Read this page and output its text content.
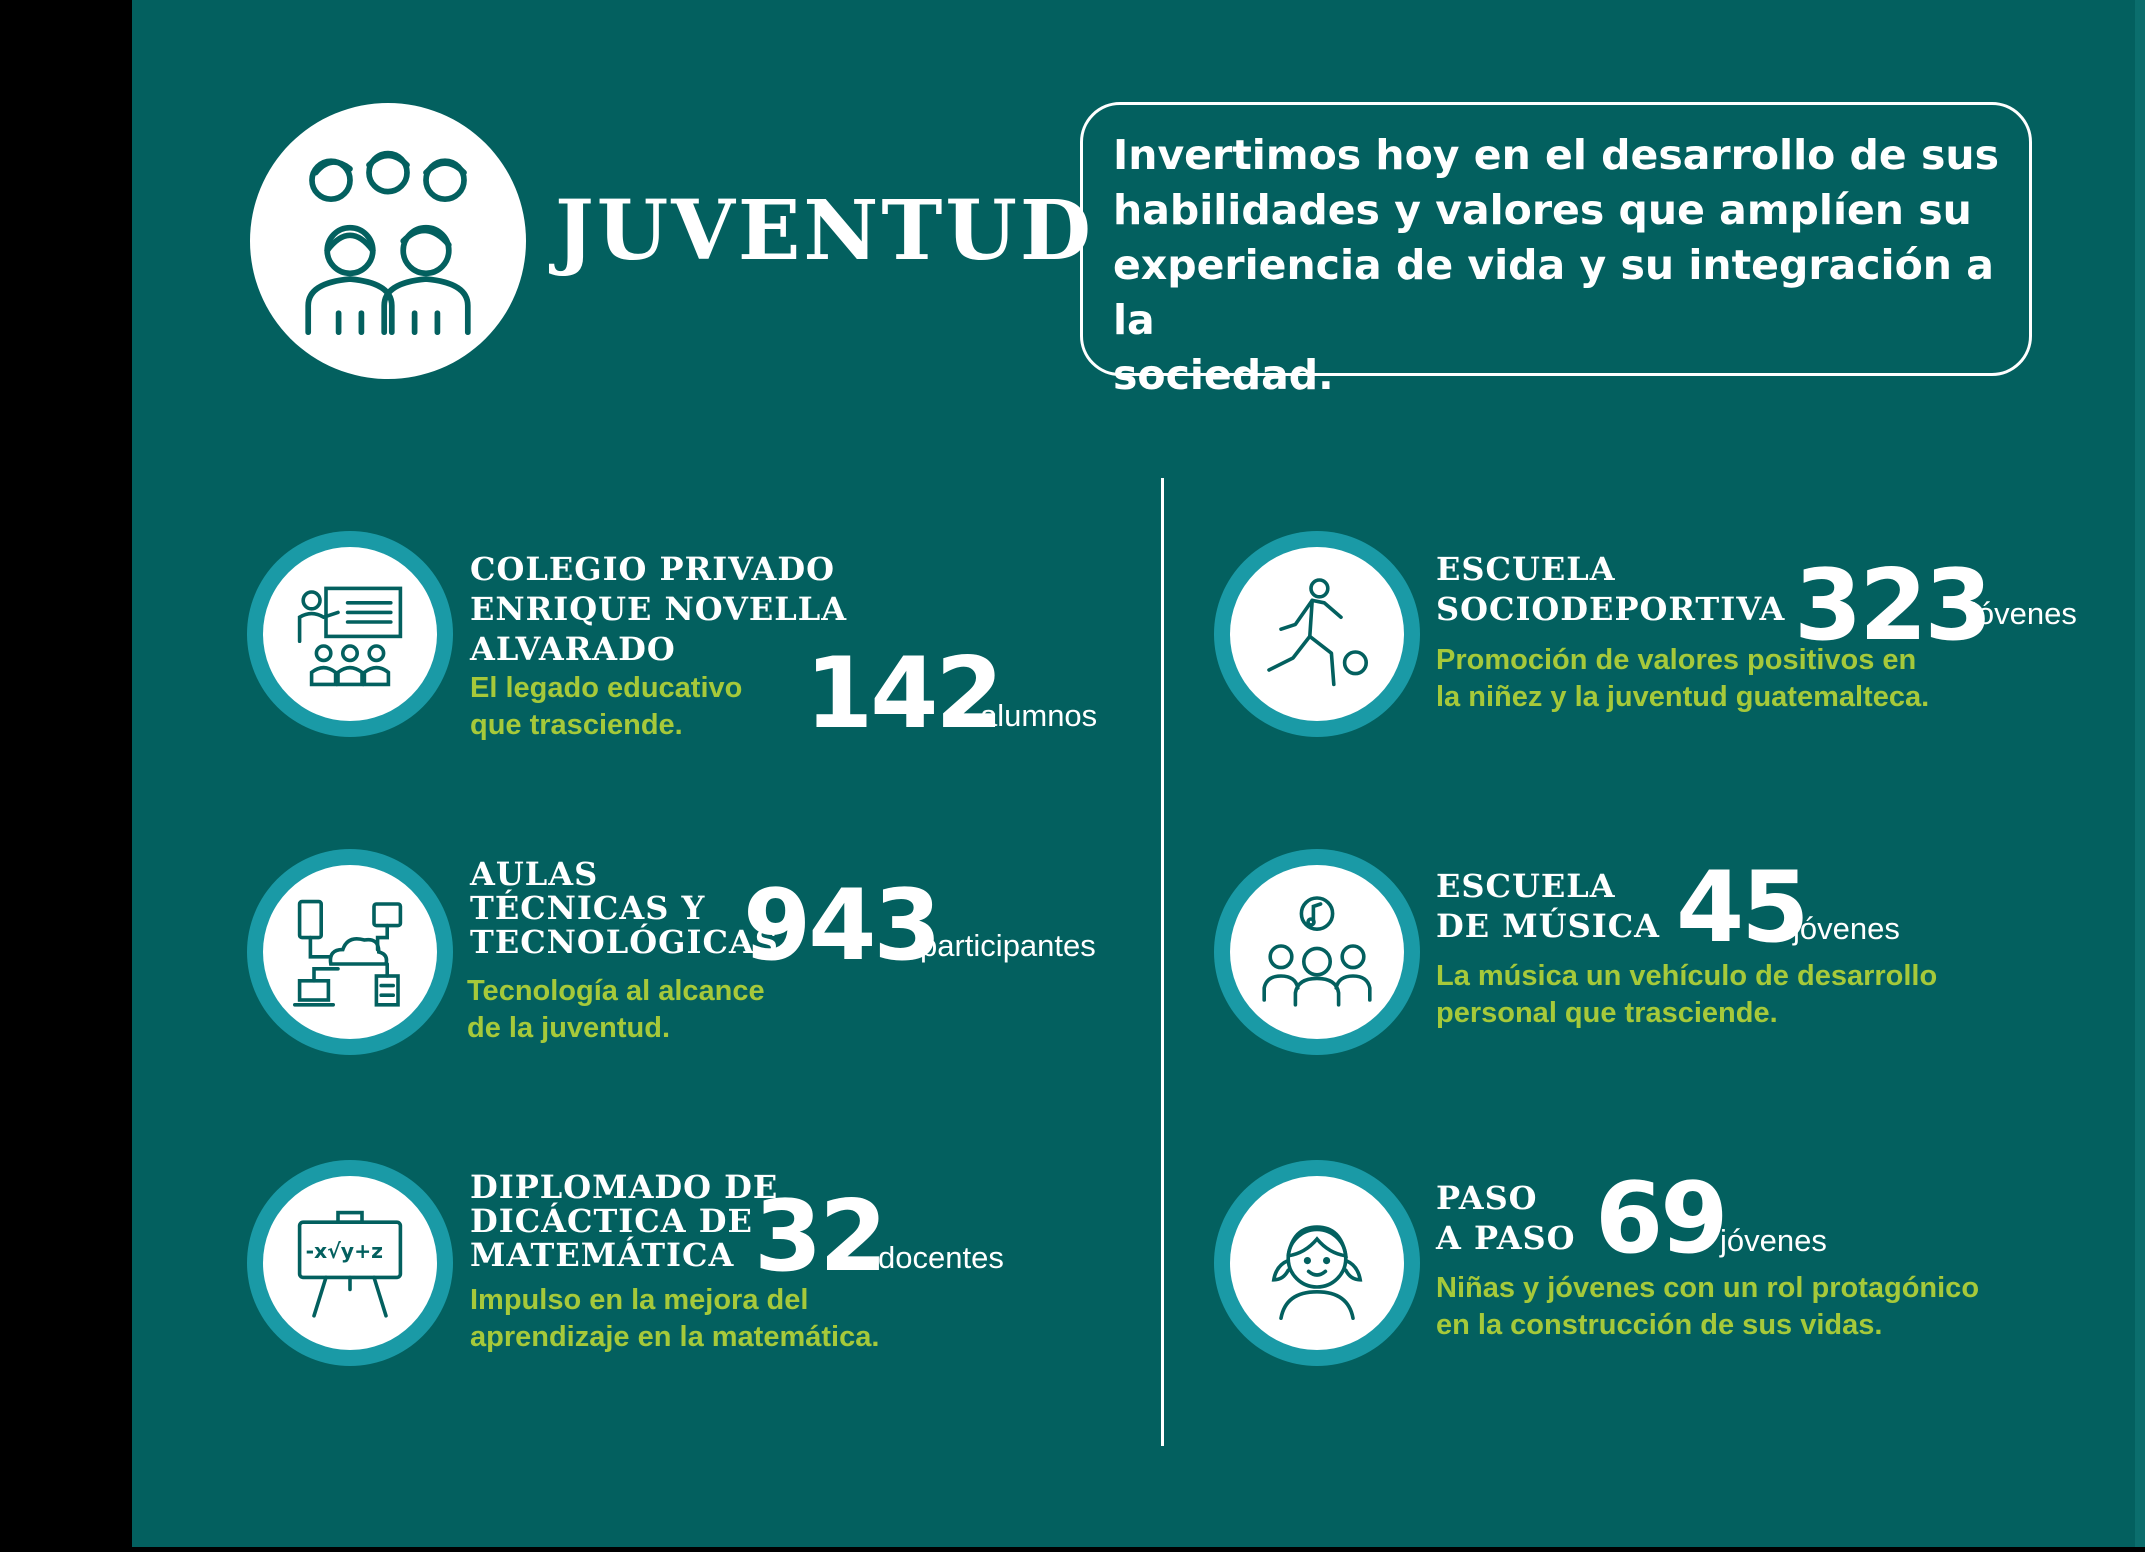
JUVENTUD

Invertimos hoy en el desarrollo de sus
habilidades y valores que amplíen su
experiencia de vida y su integración a la
sociedad.

COLEGIO PRIVADO
ENRIQUE NOVELLA
ALVARADO	142
alumnos

El legado educativo
que trasciende.

AULAS
TÉCNICAS Y
TECNOLÓGICAS

943
participantes

Tecnología al alcance
de la juventud.

-x√y+z

DIPLOMADO DE
DICÁCTICA DE
MATEMÁTICA 32
docentes

Impulso en la mejora del
aprendizaje en la matemática.

ESCUELA
SOCIODEPORTIVA 323
jóvenes

Promoción de valores positivos en
la niñez y la juventud guatemalteca.

ESCUELA
DE MÚSICA 45
jóvenes

La música un vehículo de desarrollo
personal que trasciende.

PASO
A PASO 69
jóvenes

Niñas y jóvenes con un rol protagónico
en la construcción de sus vidas.
